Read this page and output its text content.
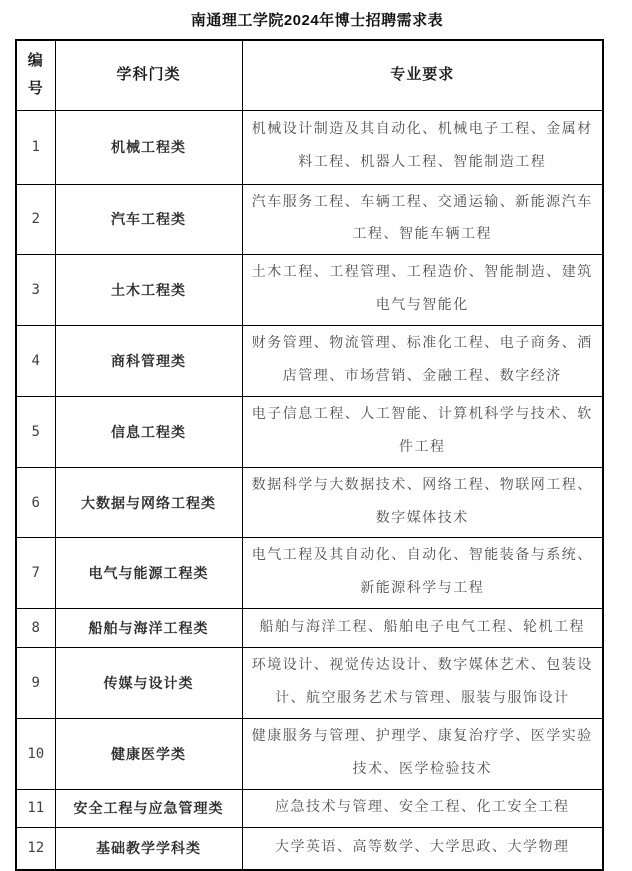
南通理工学院2024年博士招聘需求表
编号	学科门类	专业要求
1	机械工程类	机械设计制造及其自动化、机械电子工程、金属材料工程、机器人工程、智能制造工程
2	汽车工程类	汽车服务工程、车辆工程、交通运输、新能源汽车工程、智能车辆工程
3	土木工程类	土木工程、工程管理、工程造价、智能制造、建筑电气与智能化
4	商科管理类	财务管理、物流管理、标准化工程、电子商务、酒店管理、市场营销、金融工程、数字经济
5	信息工程类	电子信息工程、人工智能、计算机科学与技术、软件工程
6	大数据与网络工程类	数据科学与大数据技术、网络工程、物联网工程、数字媒体技术
7	电气与能源工程类	电气工程及其自动化、自动化、智能装备与系统、新能源科学与工程
8	船舶与海洋工程类	船舶与海洋工程、船舶电子电气工程、轮机工程
9	传媒与设计类	环境设计、视觉传达设计、数字媒体艺术、包装设计、航空服务艺术与管理、服装与服饰设计
10	健康医学类	健康服务与管理、护理学、康复治疗学、医学实验技术、医学检验技术
11	安全工程与应急管理类	应急技术与管理、安全工程、化工安全工程
12	基础教学学科类	大学英语、高等数学、大学思政、大学物理
